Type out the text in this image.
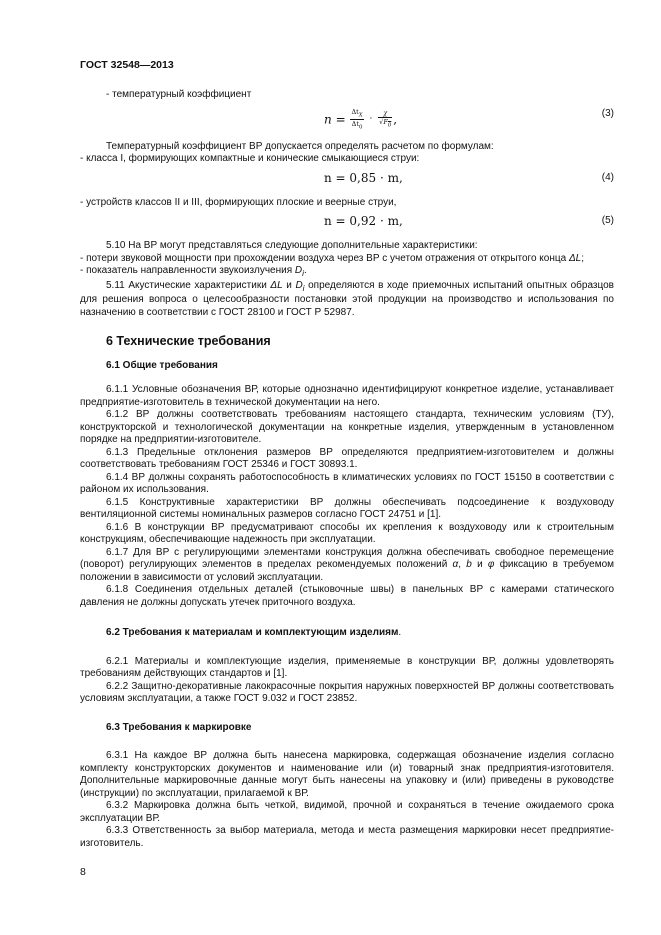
ГОСТ 32548—2013

- температурный коэффициент

$n = \frac{\Delta t_X}{\Delta t_0} \cdot \frac{\chi}{√F_0}$ ,	(3)

Температурный коэффициент ВР допускается определять расчетом по формулам:

- класса I, формирующих компактные и конические смыкающиеся струи:

n = 0,85 · m,	(4)

- устройств классов II и III, формирующих плоские и веерные струи,

n = 0,92 · m,	(5)

5.10 На ВР могут представляться следующие дополнительные характеристики:

- потери звуковой мощности при прохождении воздуха через ВР с учетом отражения от открытого конца ΔL;

- показатель направленности звукоизлучения $D_i$.

5.11 Акустические характеристики ΔL и $D_i$ определяются в ходе приемочных испытаний опытных образцов для решения вопроса о целесообразности постановки этой продукции на производство и использования по назначению в соответствии с ГОСТ 28100 и ГОСТ Р 52987.

6 Технические требования
6.1 Общие требования

6.1.1 Условные обозначения ВР, которые однозначно идентифицируют конкретное изделие, устанавливает предприятие-изготовитель в технической документации на него.

6.1.2 ВР должны соответствовать требованиям настоящего стандарта, техническим условиям (ТУ), конструкторской и технологической документации на конкретные изделия, утвержденным в установленном порядке на предприятии-изготовителе.

6.1.3 Предельные отклонения размеров ВР определяются предприятием-изготовителем и должны соответствовать требованиям ГОСТ 25346 и ГОСТ 30893.1.

6.1.4 ВР должны сохранять работоспособность в климатических условиях по ГОСТ 15150 в соответствии с районом их использования.

6.1.5 Конструктивные характеристики ВР должны обеспечивать подсоединение к воздуховоду вентиляционной системы номинальных размеров согласно ГОСТ 24751 и [1].

6.1.6 В конструкции ВР предусматривают способы их крепления к воздуховоду или к строительным конструкциям, обеспечивающие надежность при эксплуатации.

6.1.7 Для ВР с регулирующими элементами конструкция должна обеспечивать свободное перемещение (поворот) регулирующих элементов в пределах рекомендуемых положений α, b и φ фиксацию в требуемом положении в зависимости от условий эксплуатации.

6.1.8 Соединения отдельных деталей (стыковочные швы) в панельных ВР с камерами статического давления не должны допускать утечек приточного воздуха.

6.2 Требования к материалам и комплектующим изделиям.

6.2.1 Материалы и комплектующие изделия, применяемые в конструкции ВР, должны удовлетворять требованиям действующих стандартов и [1].

6.2.2 Защитно-декоративные лакокрасочные покрытия наружных поверхностей ВР должны соответствовать условиям эксплуатации, а также ГОСТ 9.032 и ГОСТ 23852.

6.3 Требования к маркировке

6.3.1 На каждое ВР должна быть нанесена маркировка, содержащая обозначение изделия согласно комплекту конструкторских документов и наименование или (и) товарный знак предприятия-изготовителя. Дополнительные маркировочные данные могут быть нанесены на упаковку и (или) приведены в руководстве (инструкции) по эксплуатации, прилагаемой к ВР.

6.3.2 Маркировка должна быть четкой, видимой, прочной и сохраняться в течение ожидаемого срока эксплуатации ВР.

6.3.3 Ответственность за выбор материала, метода и места размещения маркировки несет предприятие-изготовитель.

8
